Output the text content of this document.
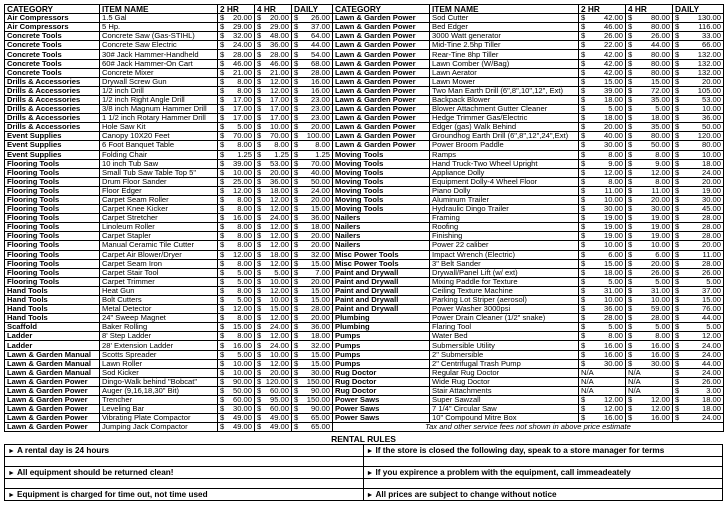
CATEGORY	ITEM NAME	2 HR	4 HR	DAILY	CATEGORY	ITEM NAME	2 HR	4 HR	DAILY
Air Compressors	1.5 Gal	$ 20.00	$ 20.00	$ 26.00	Lawn & Garden Power	Sod Cutter	$ 42.00	$ 80.00	$ 130.00
Air Compressors	5 Hp.	$ 29.00	$ 29.00	$ 37.00	Lawn & Garden Power	Bed Edger	$ 46.00	$ 80.00	$ 116.00
Concrete Tools	Concrete Saw (Gas-STIHL)	$ 32.00	$ 48.00	$ 64.00	Lawn & Garden Power	3000 Watt generator	$ 26.00	$ 26.00	$ 33.00
Concrete Tools	Concrete Saw Electric	$ 24.00	$ 36.00	$ 44.00	Lawn & Garden Power	Mid-Tine 2.5hp Tiller	$ 22.00	$ 44.00	$ 66.00
Concrete Tools	30# Jack Hammer-Handheld	$ 28.00	$ 28.00	$ 54.00	Lawn & Garden Power	Rear-Tine 8hp Tiller	$ 42.00	$ 80.00	$ 132.00
Concrete Tools	60# Jack Hammer-On Cart	$ 46.00	$ 46.00	$ 68.00	Lawn & Garden Power	Lawn Comber (W/Bag)	$ 42.00	$ 80.00	$ 132.00
Concrete Tools	Concrete Mixer	$ 21.00	$ 21.00	$ 28.00	Lawn & Garden Power	Lawn Aerator	$ 42.00	$ 80.00	$ 132.00
Drills & Accessories	Drywall Screw Gun	$ 8.00	$ 12.00	$ 16.00	Lawn & Garden Power	Lawn Mower	$ 15.00	$ 15.00	$ 20.00
Drills & Accessories	1/2 inch Drill	$ 8.00	$ 12.00	$ 16.00	Lawn & Garden Power	Two Man Earth Drill (6",8",10",12", Ext)	$ 39.00	$ 72.00	$ 105.00
Drills & Accessories	1/2 inch Right Angle Drill	$ 17.00	$ 17.00	$ 23.00	Lawn & Garden Power	Backpack Blower	$ 18.00	$ 35.00	$ 53.00
Drills & Accessories	3/8 inch Magnum Hammer Drill	$ 17.00	$ 17.00	$ 23.00	Lawn & Garden Power	Blower Attachment Gutter Cleaner	$ 5.00	$ 5.00	$ 10.00
Drills & Accessories	1 1/2 inch Rotary Hammer Drill	$ 17.00	$ 17.00	$ 23.00	Lawn & Garden Power	Hedge Trimmer Gas/Electric	$ 18.00	$ 18.00	$ 36.00
Drills & Accessories	Hole Saw Kit	$ 5.00	$ 10.00	$ 20.00	Lawn & Garden Power	Edger (gas) Walk Behind	$ 20.00	$ 35.00	$ 50.00
Event Supplies	Canopy 10X20 Feet	$ 70.00	$ 70.00	$ 100.00	Lawn & Garden Power	Groundhog Earth Drill (6",8",12",24",Ext)	$ 40.00	$ 80.00	$ 120.00
Event Supplies	6 Foot Banquet Table	$ 8.00	$ 8.00	$ 8.00	Lawn & Garden Power	Power Broom Paddle	$ 30.00	$ 50.00	$ 80.00
Event Supplies	Folding Chair	$ 1.25	$ 1.25	$ 1.25	Moving Tools	Ramps	$ 8.00	$ 8.00	$ 10.00
Flooring Tools	10 inch Tub Saw	$ 39.00	$ 53.00	$ 70.00	Moving Tools	Hand Truck-Two Wheel Upright	$ 9.00	$ 9.00	$ 18.00
Flooring Tools	Small Tub Saw Table Top 5"	$ 10.00	$ 20.00	$ 40.00	Moving Tools	Appliance Dolly	$ 12.00	$ 12.00	$ 24.00
Flooring Tools	Drum Floor Sander	$ 25.00	$ 36.00	$ 50.00	Moving Tools	Equipment Dolly-4 Wheel Floor	$ 8.00	$ 8.00	$ 20.00
Flooring Tools	Floor Edger	$ 12.00	$ 18.00	$ 24.00	Moving Tools	Piano Dolly	$ 11.00	$ 11.00	$ 19.00
Flooring Tools	Carpet Seam Roller	$ 8.00	$ 12.00	$ 20.00	Moving Tools	Aluminum Trailer	$ 10.00	$ 20.00	$ 30.00
Flooring Tools	Carpet Knee Kicker	$ 8.00	$ 12.00	$ 15.00	Moving Tools	Hydraulic Dingo Trailer	$ 30.00	$ 30.00	$ 45.00
Flooring Tools	Carpet Stretcher	$ 16.00	$ 24.00	$ 36.00	Nailers	Framing	$ 19.00	$ 19.00	$ 28.00
Flooring Tools	Linoleum Roller	$ 8.00	$ 12.00	$ 18.00	Nailers	Roofing	$ 19.00	$ 19.00	$ 28.00
Flooring Tools	Carpet Stapler	$ 8.00	$ 12.00	$ 20.00	Nailers	Finishing	$ 19.00	$ 19.00	$ 28.00
Flooring Tools	Manual Ceramic Tile Cutter	$ 8.00	$ 12.00	$ 20.00	Nailers	Power 22 caliber	$ 10.00	$ 10.00	$ 20.00
Flooring Tools	Carpet Air Blower/Dryer	$ 12.00	$ 18.00	$ 32.00	Misc Power Tools	Impact Wrench (Electric)	$ 6.00	$ 6.00	$ 11.00
Flooring Tools	Carpet Seam Iron	$ 8.00	$ 12.00	$ 15.00	Misc Power Tools	3" Belt Sander	$ 15.00	$ 20.00	$ 28.00
Flooring Tools	Carpet Stair Tool	$ 5.00	$ 5.00	$ 7.00	Paint and Drywall	Drywall/Panel Lift (w/ ext)	$ 18.00	$ 26.00	$ 26.00
Flooring Tools	Carpet Trimmer	$ 5.00	$ 10.00	$ 20.00	Paint and Drywall	Mixing Paddle for Texture	$ 5.00	$ 5.00	$ 5.00
Hand Tools	Heat Gun	$ 8.00	$ 12.00	$ 15.00	Paint and Drywall	Ceiling Texture Machine	$ 31.00	$ 31.00	$ 37.00
Hand Tools	Bolt Cutters	$ 5.00	$ 10.00	$ 15.00	Paint and Drywall	Parking Lot Striper (aerosol)	$ 10.00	$ 10.00	$ 15.00
Hand Tools	Metal Detector	$ 12.00	$ 15.00	$ 28.00	Paint and Drywall	Power Washer 3000psi	$ 36.00	$ 59.00	$ 76.00
Hand Tools	24" Sweep Magnet	$ 8.00	$ 12.00	$ 20.00	Plumbing	Power Drain Cleaner (1/2" snake)	$ 28.00	$ 28.00	$ 44.00
Scaffold	Baker Rolling	$ 15.00	$ 24.00	$ 36.00	Plumbing	Flaring Tool	$ 5.00	$ 5.00	$ 5.00
Ladder	8' Step Ladder	$ 8.00	$ 12.00	$ 18.00	Pumps	Water Bed	$ 8.00	$ 8.00	$ 12.00
Ladder	28' Extension Ladder	$ 16.00	$ 24.00	$ 32.00	Pumps	Submersible Utility	$ 16.00	$ 16.00	$ 24.00
Lawn & Garden Manual	Scotts Spreader	$ 5.00	$ 10.00	$ 15.00	Pumps	2" Submersible	$ 16.00	$ 16.00	$ 24.00
Lawn & Garden Manual	Lawn Roller	$ 10.00	$ 12.00	$ 15.00	Pumps	2" Centrifugal Trash Pump	$ 30.00	$ 30.00	$ 44.00
Lawn & Garden Manual	Sod Kicker	$ 10.00	$ 20.00	$ 30.00	Rug Doctor	Regular Rug Doctor	N/A	N/A	$ 24.00
Lawn & Garden Power	Dingo-Walk behind "Bobcat"	$ 90.00	$ 120.00	$ 150.00	Rug Doctor	Wide Rug Doctor	N/A	N/A	$ 26.00
Lawn & Garden Power	Auger (9,16,18,30" Bit)	$ 50.00	$ 60.00	$ 90.00	Rug Doctor	Stair Attachments	N/A	N/A	$ 3.00
Lawn & Garden Power	Trencher	$ 60.00	$ 95.00	$ 150.00	Power Saws	Super Sawzall	$ 12.00	$ 12.00	$ 18.00
Lawn & Garden Power	Leveling Bar	$ 30.00	$ 60.00	$ 90.00	Power Saws	7 1/4" Circular Saw	$ 12.00	$ 12.00	$ 18.00
Lawn & Garden Power	Vibrating Plate Compactor	$ 49.00	$ 49.00	$ 65.00	Power Saws	10" Compound Mitre Box	$ 16.00	$ 16.00	$ 24.00
Lawn & Garden Power	Jumping Jack Compactor	$ 49.00	$ 49.00	$ 65.00	Tax and other service fees not shown in above price estimate				
RENTAL RULES
► A rental day is 24 hours	► If the store is closed the following day, speak to a store manager for terms
► All equipment should be returned clean!	► If you expirence a problem with the equipment, call immeadeately
► Equipment is charged for time out, not time used	► All prices are subject to change without notice
